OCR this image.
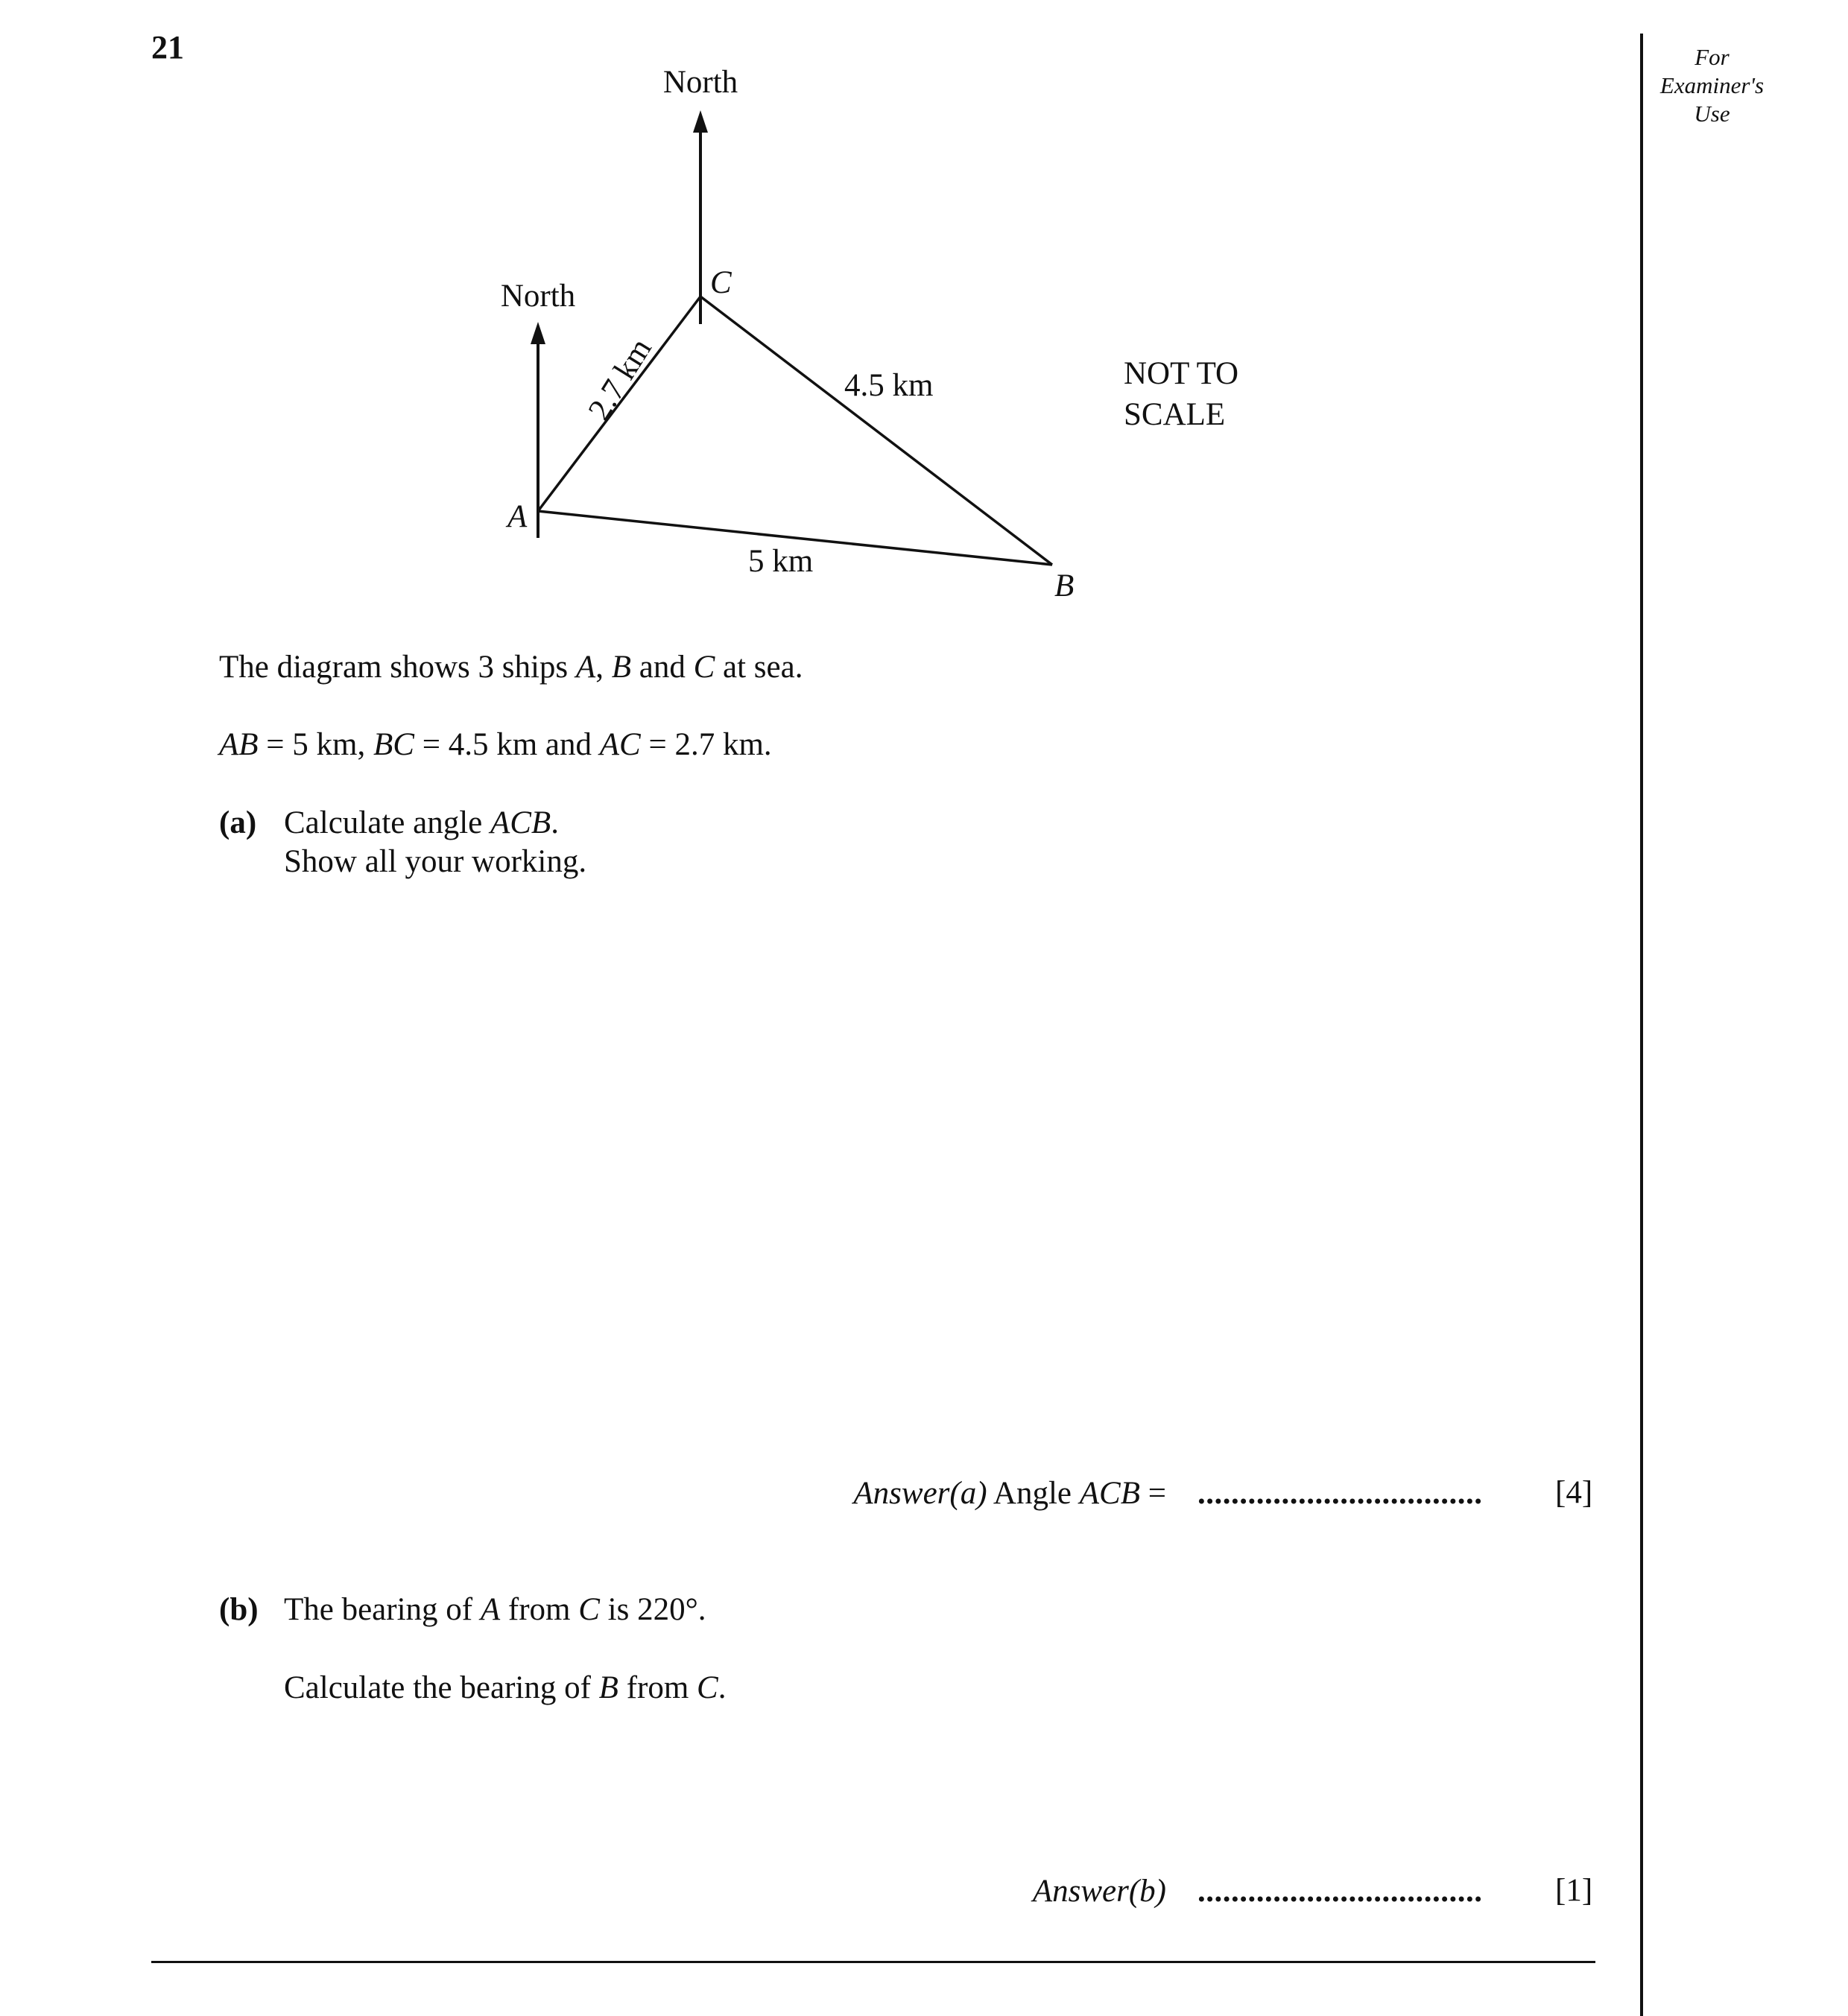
21	For
Examiner's
Use
North
North	C
A
B
2.7 km	4.5 km
5 km
NOT TO
SCALE
The diagram shows 3 ships A, B and C at sea.
AB = 5 km, BC = 4.5 km and AC = 2.7 km.
(a) Calculate angle ACB.
Show all your working.
Answer(a) Angle ACB = .................................. [4]
(b) The bearing of A from C is 220°.
Calculate the bearing of B from C.
Answer(b) .................................. [1]
